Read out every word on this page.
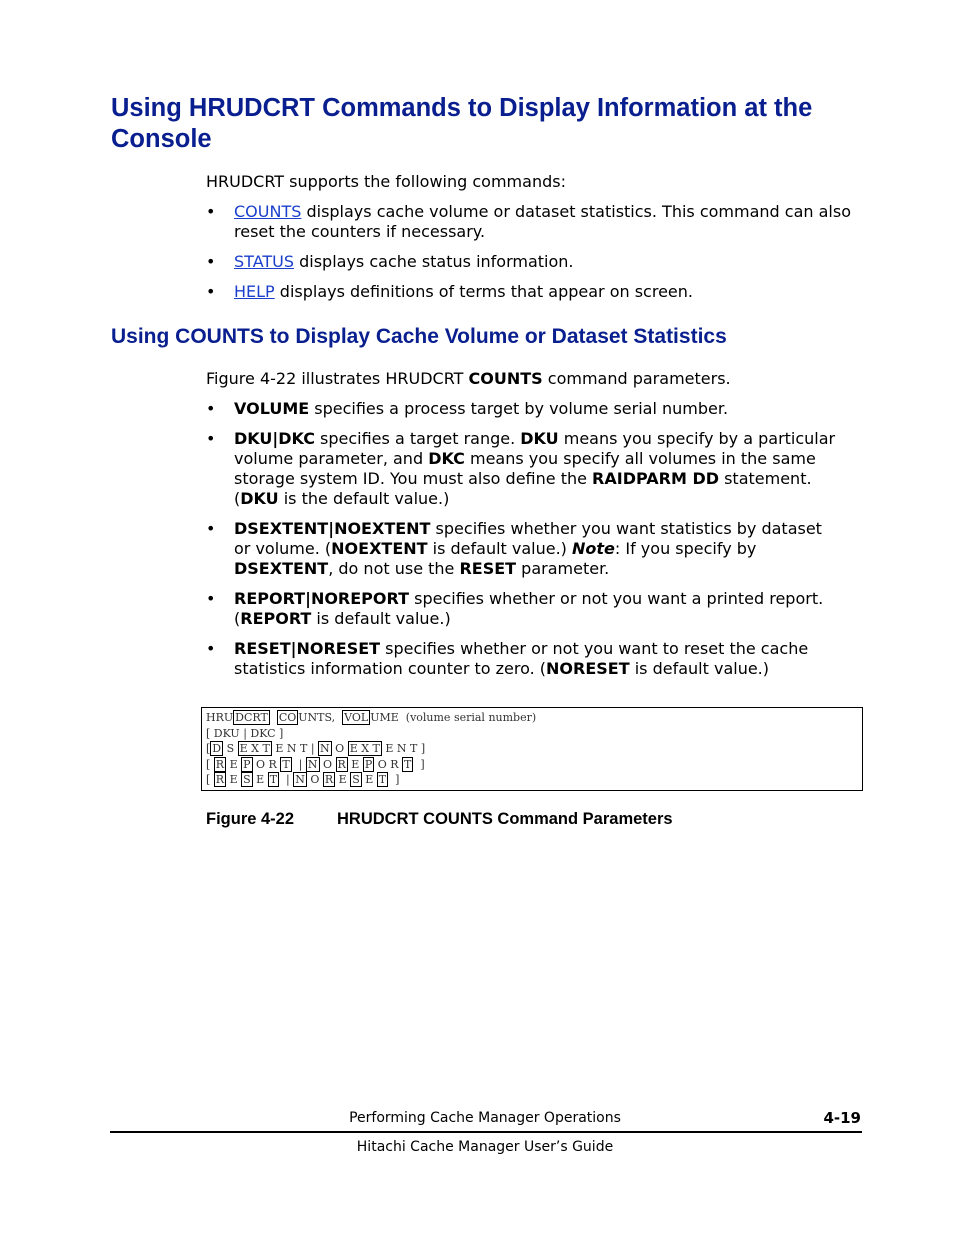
Using HRUDCRT Commands to Display Information at the Console

HRUDCRT supports the following commands:

• COUNTS displays cache volume or dataset statistics. This command can also reset the counters if necessary.
• STATUS displays cache status information.
• HELP displays definitions of terms that appear on screen.
Using COUNTS to Display Cache Volume or Dataset Statistics

Figure 4-22 illustrates HRUDCRT COUNTS command parameters.

• VOLUME specifies a process target by volume serial number.
• DKU|DKC specifies a target range. DKU means you specify by a particular volume parameter, and DKC means you specify all volumes in the same storage system ID. You must also define the RAIDPARM DD statement. (DKU is the default value.)
• DSEXTENT|NOEXTENT specifies whether you want statistics by dataset or volume. (NOEXTENT is default value.) Note: If you specify by DSEXTENT, do not use the RESET parameter.
• REPORT|NOREPORT specifies whether or not you want a printed report. (REPORT is default value.)
• RESET|NORESET specifies whether or not you want to reset the cache statistics information counter to zero. (NORESET is default value.)
HRU DCRT CO UNTS,  VOL UME  (volume serial number)
[ DKU | DKC ]
[ D S E X T E N T | N O E X T E N T ]
[ R E P O R T  | N O R E P O R T  ]
[ R E S E T  | N O R E S E T  ]

Figure 4-22	HRUDCRT COUNTS Command Parameters

Performing Cache Manager Operations	4-19
Hitachi Cache Manager User’s Guide
